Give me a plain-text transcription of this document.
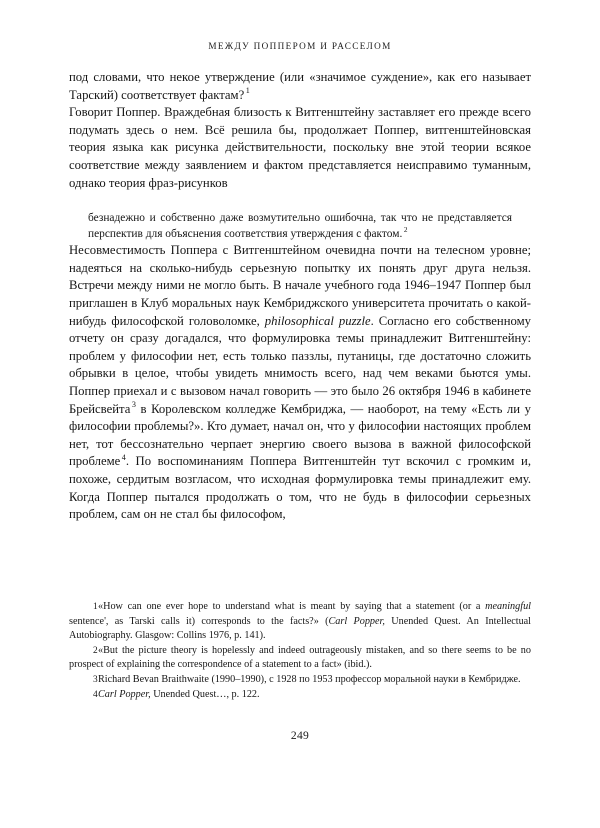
МЕЖДУ ПОППЕРОМ И РАССЕЛОМ

под словами, что некое утверждение (или «значимое суждение», как его называет Тарский) соответствует фактам? $^1$

Говорит Поппер. Враждебная близость к Витгенштейну заставляет его прежде всего подумать здесь о нем. Всё решила бы, продолжает Поппер, витгенштейновская теория языка как рисунка действительности, поскольку вне этой теории всякое соответствие между заявлением и фактом представляется неисправимо туманным, однако теория фраз-рисунков

безнадежно и собственно даже возмутительно ошибочна, так что не представляется перспектив для объяснения соответствия утверждения с фактом. $^2$

Несовместимость Поппера с Витгенштейном очевидна почти на телесном уровне; надеяться на сколько-нибудь серьезную попытку их понять друг друга нельзя. Встречи между ними не могло быть. В начале учебного года 1946–1947 Поппер был приглашен в Клуб моральных наук Кембриджского университета прочитать о какой-нибудь философской головоломке, philosophical puzzle. Согласно его собственному отчету он сразу догадался, что формулировка темы принадлежит Витгенштейну: проблем у философии нет, есть только паззлы, путаницы, где достаточно сложить обрывки в целое, чтобы увидеть мнимость всего, над чем веками бьются умы. Поппер приехал и с вызовом начал говорить — это было 26 октября 1946 в кабинете Брейсвейта $^3$ в Королевском колледже Кембриджа, — наоборот, на тему «Есть ли у философии проблемы?». Кто думает, начал он, что у философии настоящих проблем нет, тот бессознательно черпает энергию своего вызова в важной философской проблеме $^4$. По воспоминаниям Поппера Витгенштейн тут вскочил с громким и, похоже, сердитым возгласом, что исходная формулировка темы принадлежит ему. Когда Поппер пытался продолжать о том, что не будь в философии серьезных проблем, сам он не стал бы философом,

1«How can one ever hope to understand what is meant by saying that a statement (or a meaningful sentence', as Tarski calls it) corresponds to the facts?» (Carl Popper, Unended Quest. An Intellectual Autobiography. Glasgow: Collins 1976, p. 141).

2«But the picture theory is hopelessly and indeed outrageously mistaken, and so there seems to be no prospect of explaining the correspondence of a statement to a fact» (ibid.).

3Richard Bevan Braithwaite (1990–1990), с 1928 по 1953 профессор моральной науки в Кембридже.

4Carl Popper, Unended Quest…, p. 122.

249
